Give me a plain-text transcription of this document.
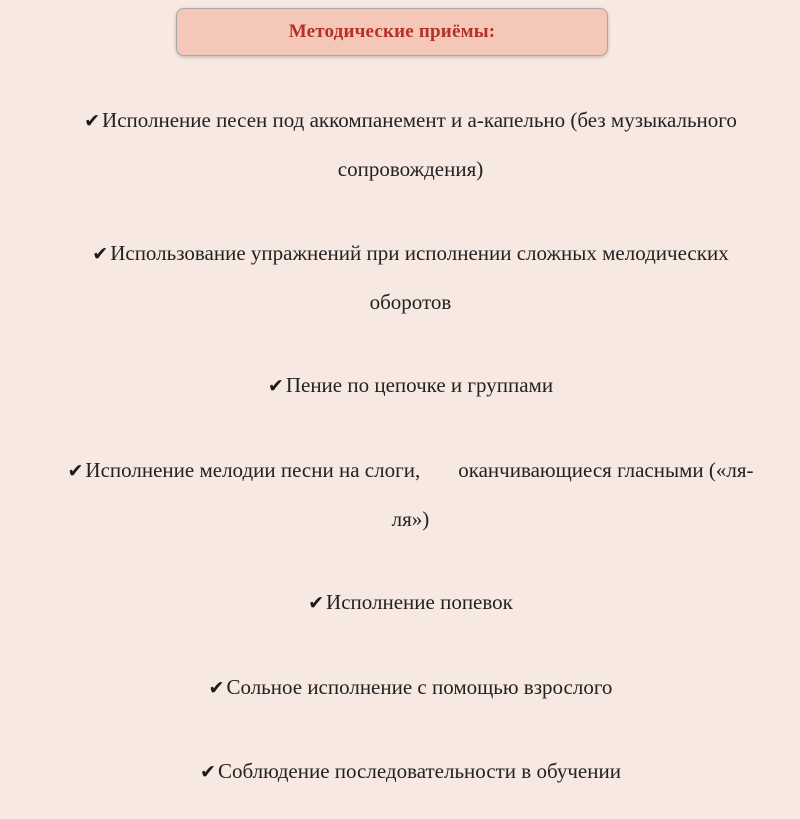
Методические приёмы:

✔Исполнение песен под аккомпанемент и а-капельно (без музыкального

сопровождения)

✔Использование упражнений при исполнении сложных мелодических

оборотов

✔Пение по цепочке и группами

✔Исполнение мелодии песни на слоги, оканчивающиеся гласными («ля-

ля»)

✔Исполнение попевок

✔Сольное исполнение с помощью взрослого

✔Соблюдение последовательности в обучении
